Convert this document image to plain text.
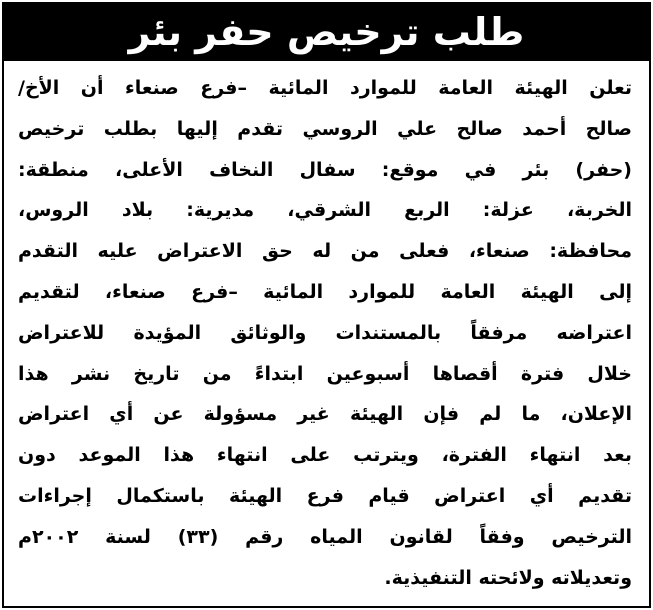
طلب ترخيص حفر بئر
تعلن الهيئة العامة للموارد المائية –فرع صنعاء أن الأخ/
صالح أحمد صالح علي الروسي تقدم إليها بطلب ترخيص
(حفر) بئر في موقع: سفال النخاف الأعلى، منطقة:
الخربة، عزلة: الربع الشرقي، مديرية: بلاد الروس،
محافظة: صنعاء، فعلى من له حق الاعتراض عليه التقدم
إلى الهيئة العامة للموارد المائية –فرع صنعاء، لتقديم
اعتراضه مرفقاً بالمستندات والوثائق المؤيدة للاعتراض
خلال فترة أقصاها أسبوعين ابتداءً من تاريخ نشر هذا
الإعلان، ما لم فإن الهيئة غير مسؤولة عن أي اعتراض
بعد انتهاء الفترة، ويترتب على انتهاء هذا الموعد دون
تقديم أي اعتراض قيام فرع الهيئة باستكمال إجراءات
الترخيص وفقاً لقانون المياه رقم (٣٣) لسنة ٢٠٠٢م
وتعديلاته ولائحته التنفيذية.
